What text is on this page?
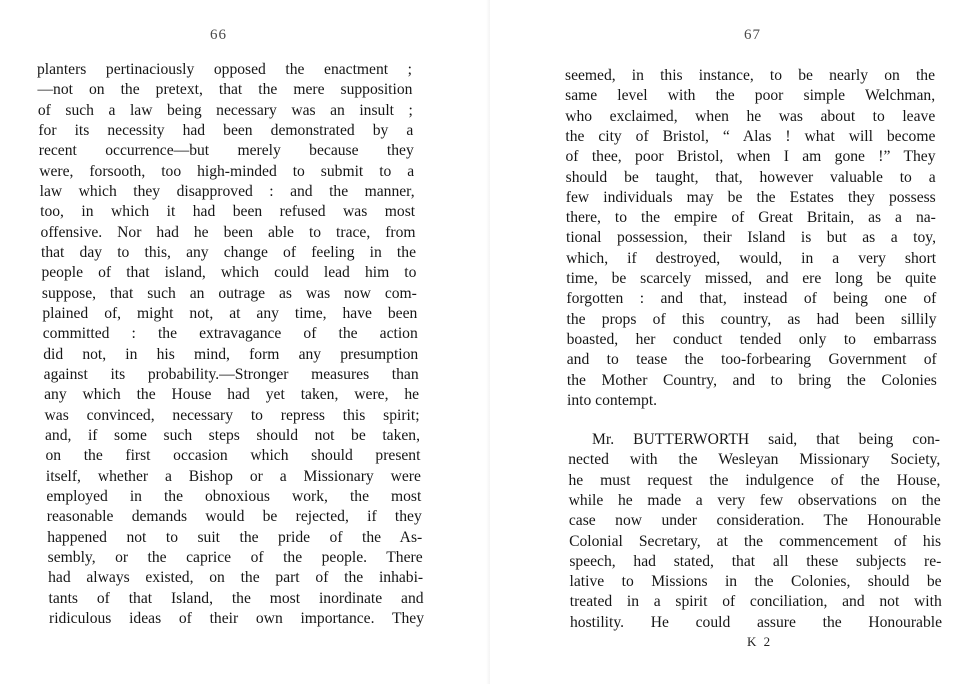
66
planters pertinaciously opposed the enactment ;
—not on the pretext, that the mere supposition
of such a law being necessary was an insult ;
for its necessity had been demonstrated by a
recent occurrence—but merely because they
were, forsooth, too high-minded to submit to a
law which they disapproved : and the manner,
too, in which it had been refused was most
offensive. Nor had he been able to trace, from
that day to this, any change of feeling in the
people of that island, which could lead him to
suppose, that such an outrage as was now com-
plained of, might not, at any time, have been
committed : the extravagance of the action
did not, in his mind, form any presumption
against its probability.—Stronger measures than
any which the House had yet taken, were, he
was convinced, necessary to repress this spirit;
and, if some such steps should not be taken,
on the first occasion which should present
itself, whether a Bishop or a Missionary were
employed in the obnoxious work, the most
reasonable demands would be rejected, if they
happened not to suit the pride of the As-
sembly, or the caprice of the people. There
had always existed, on the part of the inhabi-
tants of that Island, the most inordinate and
ridiculous ideas of their own importance. They
67
seemed, in this instance, to be nearly on the
same level with the poor simple Welchman,
who exclaimed, when he was about to leave
the city of Bristol, “ Alas ! what will become
of thee, poor Bristol, when I am gone !” They
should be taught, that, however valuable to a
few individuals may be the Estates they possess
there, to the empire of Great Britain, as a na-
tional possession, their Island is but as a toy,
which, if destroyed, would, in a very short
time, be scarcely missed, and ere long be quite
forgotten : and that, instead of being one of
the props of this country, as had been sillily
boasted, her conduct tended only to embarrass
and to tease the too-forbearing Government of
the Mother Country, and to bring the Colonies
into contempt.
Mr. BUTTERWORTH said, that being con-
nected with the Wesleyan Missionary Society,
he must request the indulgence of the House,
while he made a very few observations on the
case now under consideration. The Honourable
Colonial Secretary, at the commencement of his
speech, had stated, that all these subjects re-
lative to Missions in the Colonies, should be
treated in a spirit of conciliation, and not with
hostility. He could assure the Honourable
K 2
